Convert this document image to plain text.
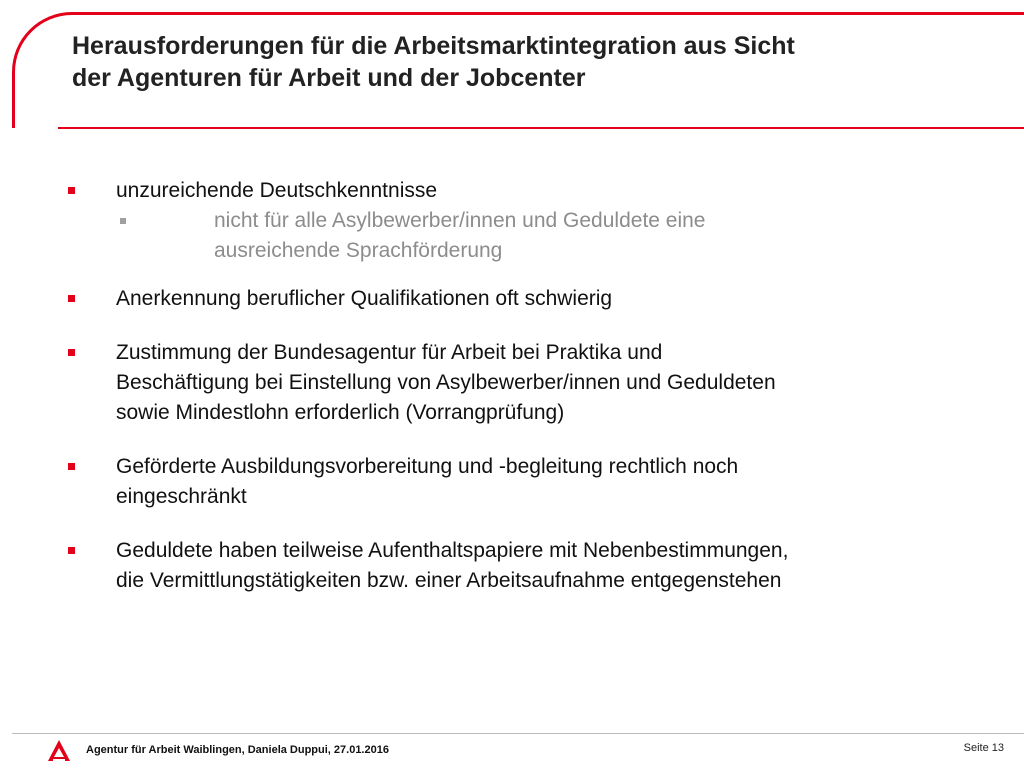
Herausforderungen für die Arbeitsmarktintegration aus Sicht
der Agenturen für Arbeit und der Jobcenter
unzureichende Deutschkenntnisse
nicht für alle Asylbewerber/innen und Geduldete eine
ausreichende Sprachförderung
Anerkennung beruflicher Qualifikationen oft schwierig
Zustimmung der Bundesagentur für Arbeit bei Praktika und
Beschäftigung bei Einstellung von Asylbewerber/innen und Geduldeten
sowie Mindestlohn erforderlich (Vorrangprüfung)
Geförderte Ausbildungsvorbereitung und -begleitung rechtlich noch
eingeschränkt
Geduldete haben teilweise Aufenthaltspapiere mit Nebenbestimmungen,
die Vermittlungstätigkeiten bzw. einer Arbeitsaufnahme entgegenstehen
Agentur für Arbeit Waiblingen, Daniela Duppui, 27.01.2016	Seite 13
